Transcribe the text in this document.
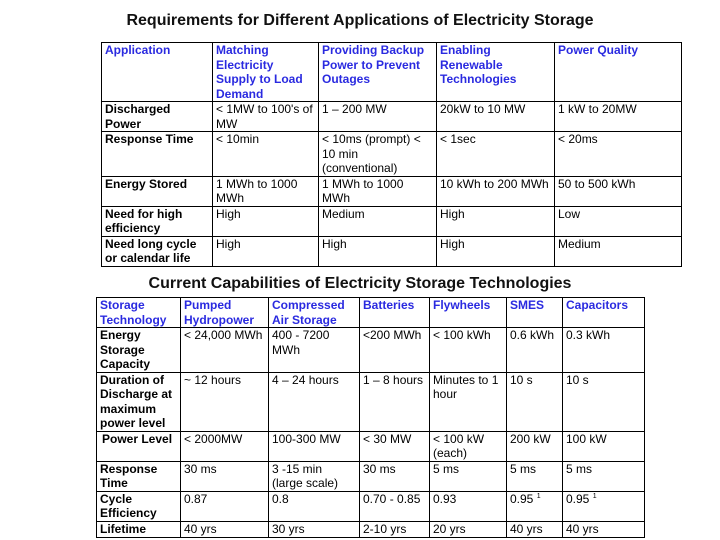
Requirements for Different Applications of Electricity Storage
Application	Matching Electricity Supply to Load Demand	Providing Backup Power to Prevent Outages	Enabling Renewable Technologies	Power Quality
Discharged Power	< 1MW to 100's of MW	1 – 200 MW	20kW to 10 MW	1 kW to 20MW
Response Time	< 10min	< 10ms (prompt) < 10 min (conventional)	< 1sec	< 20ms
Energy Stored	1 MWh to 1000 MWh	1 MWh to 1000 MWh	10 kWh to 200 MWh	50 to 500 kWh
Need for high efficiency	High	Medium	High	Low
Need long cycle or calendar life	High	High	High	Medium
Current Capabilities of Electricity Storage Technologies
Storage Technology	Pumped Hydropower	Compressed Air Storage	Batteries	Flywheels	SMES	Capacitors
Energy Storage Capacity	< 24,000 MWh	400 - 7200 MWh	<200 MWh	< 100 kWh	0.6 kWh	0.3 kWh
Duration of Discharge at maximum power level	~ 12 hours	4 – 24 hours	1 – 8 hours	Minutes to 1 hour	10 s	10 s
Power Level	< 2000MW	100-300 MW	< 30 MW	< 100 kW (each)	200 kW	100 kW
Response Time	30 ms	3 -15 min (large scale)	30 ms	5 ms	5 ms	5 ms
Cycle Efficiency	0.87	0.8	0.70 - 0.85	0.93	0.95 $^1$	0.95 $^1$
Lifetime	40 yrs	30 yrs	2-10 yrs	20 yrs	40 yrs	40 yrs
